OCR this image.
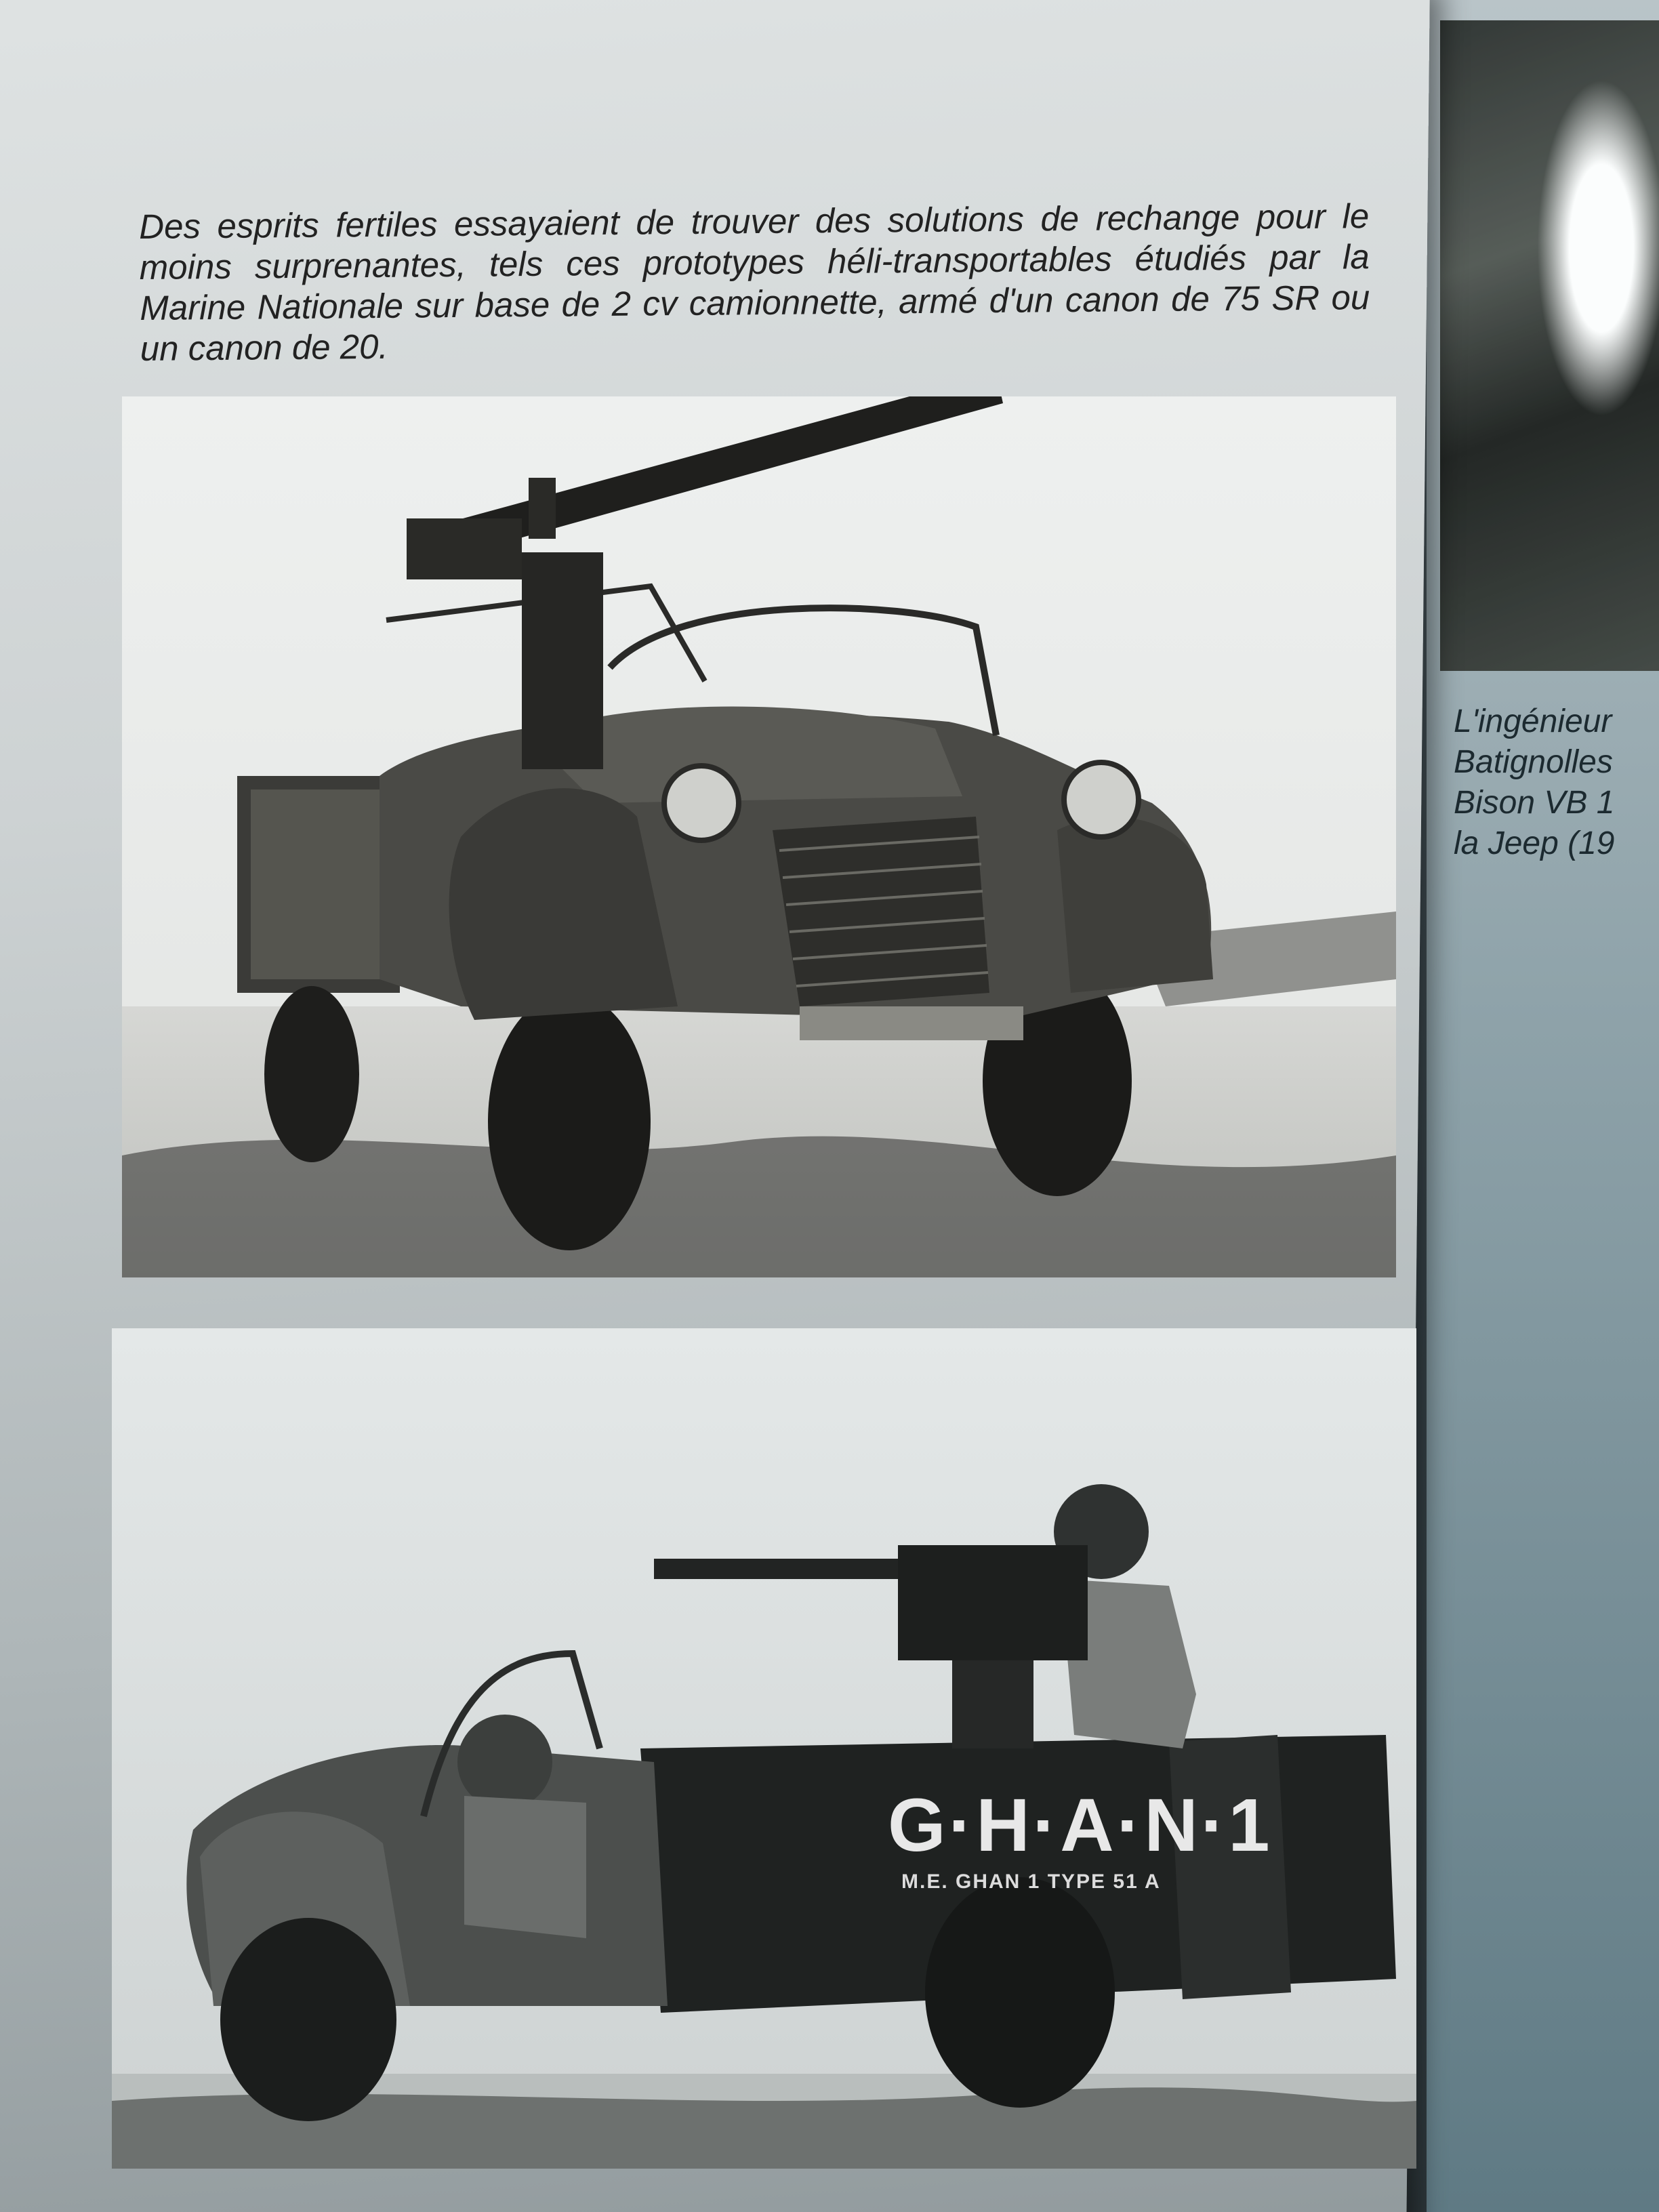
L'ingénieur
Batignolles
Bison VB 1
la Jeep (19
Des esprits fertiles essayaient de trouver des solutions de rechange pour le moins surprenantes, tels ces prototypes héli-transportables étudiés par la Marine Nationale sur base de 2 cv camionnette, armé d'un canon de 75 SR ou un canon de 20.
G·H·A·N·1
M.E. GHAN 1 TYPE 51 A
